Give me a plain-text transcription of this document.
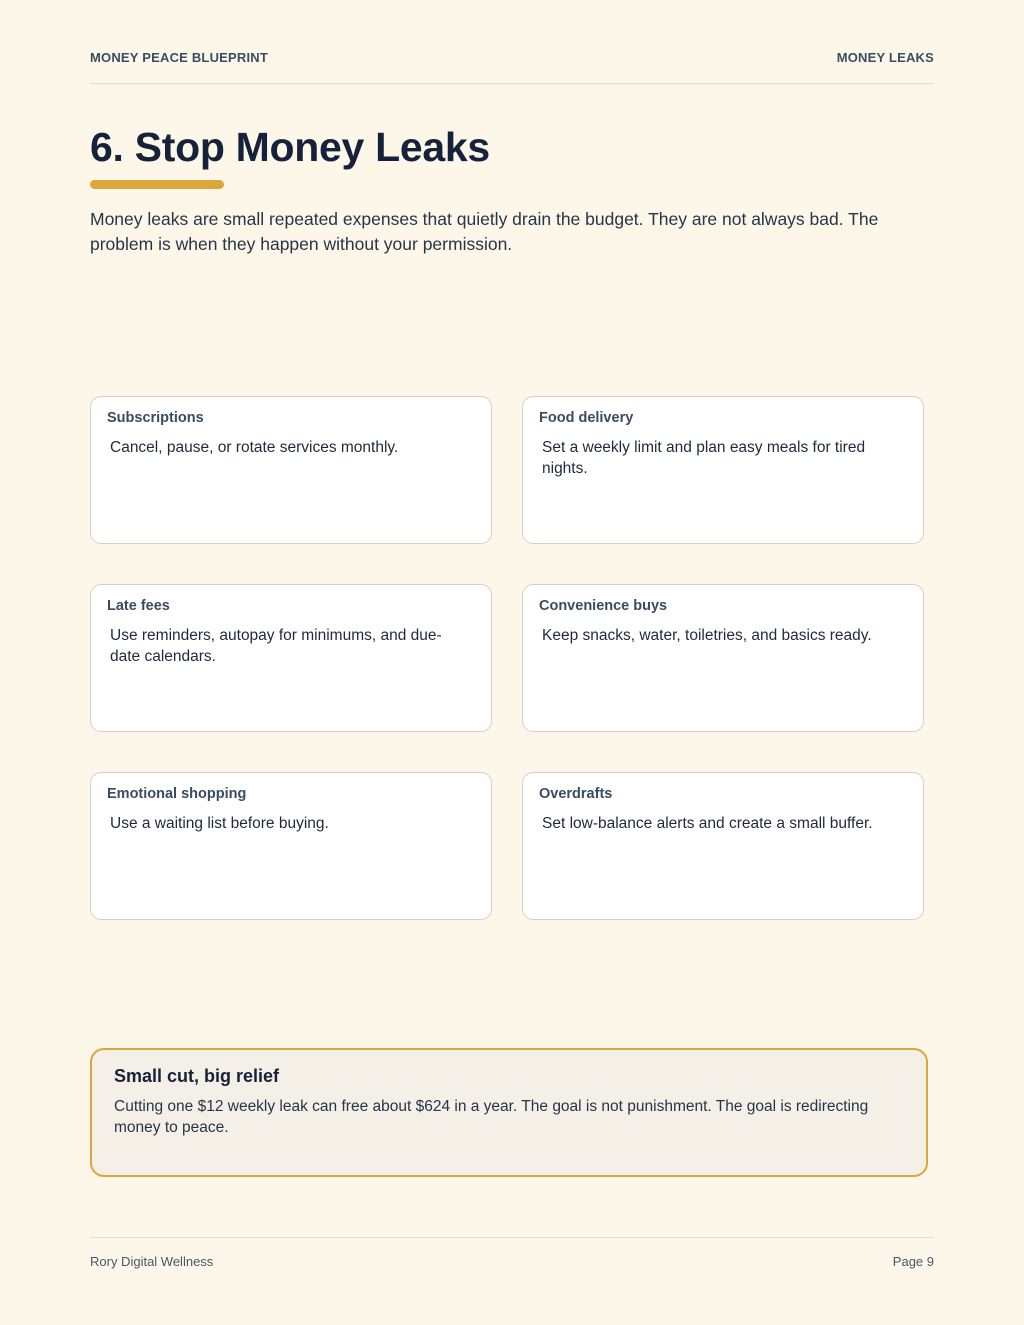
MONEY PEACE BLUEPRINT	MONEY LEAKS
6. Stop Money Leaks

Money leaks are small repeated expenses that quietly drain the budget. They are not always bad. The problem is when they happen without your permission.

Subscriptions
Cancel, pause, or rotate services monthly.
Food delivery
Set a weekly limit and plan easy meals for tired nights.
Late fees
Use reminders, autopay for minimums, and due-date calendars.
Convenience buys
Keep snacks, water, toiletries, and basics ready.
Emotional shopping
Use a waiting list before buying.
Overdrafts
Set low-balance alerts and create a small buffer.
Small cut, big relief
Cutting one $12 weekly leak can free about $624 in a year. The goal is not punishment. The goal is redirecting money to peace.
Rory Digital Wellness	Page 9
